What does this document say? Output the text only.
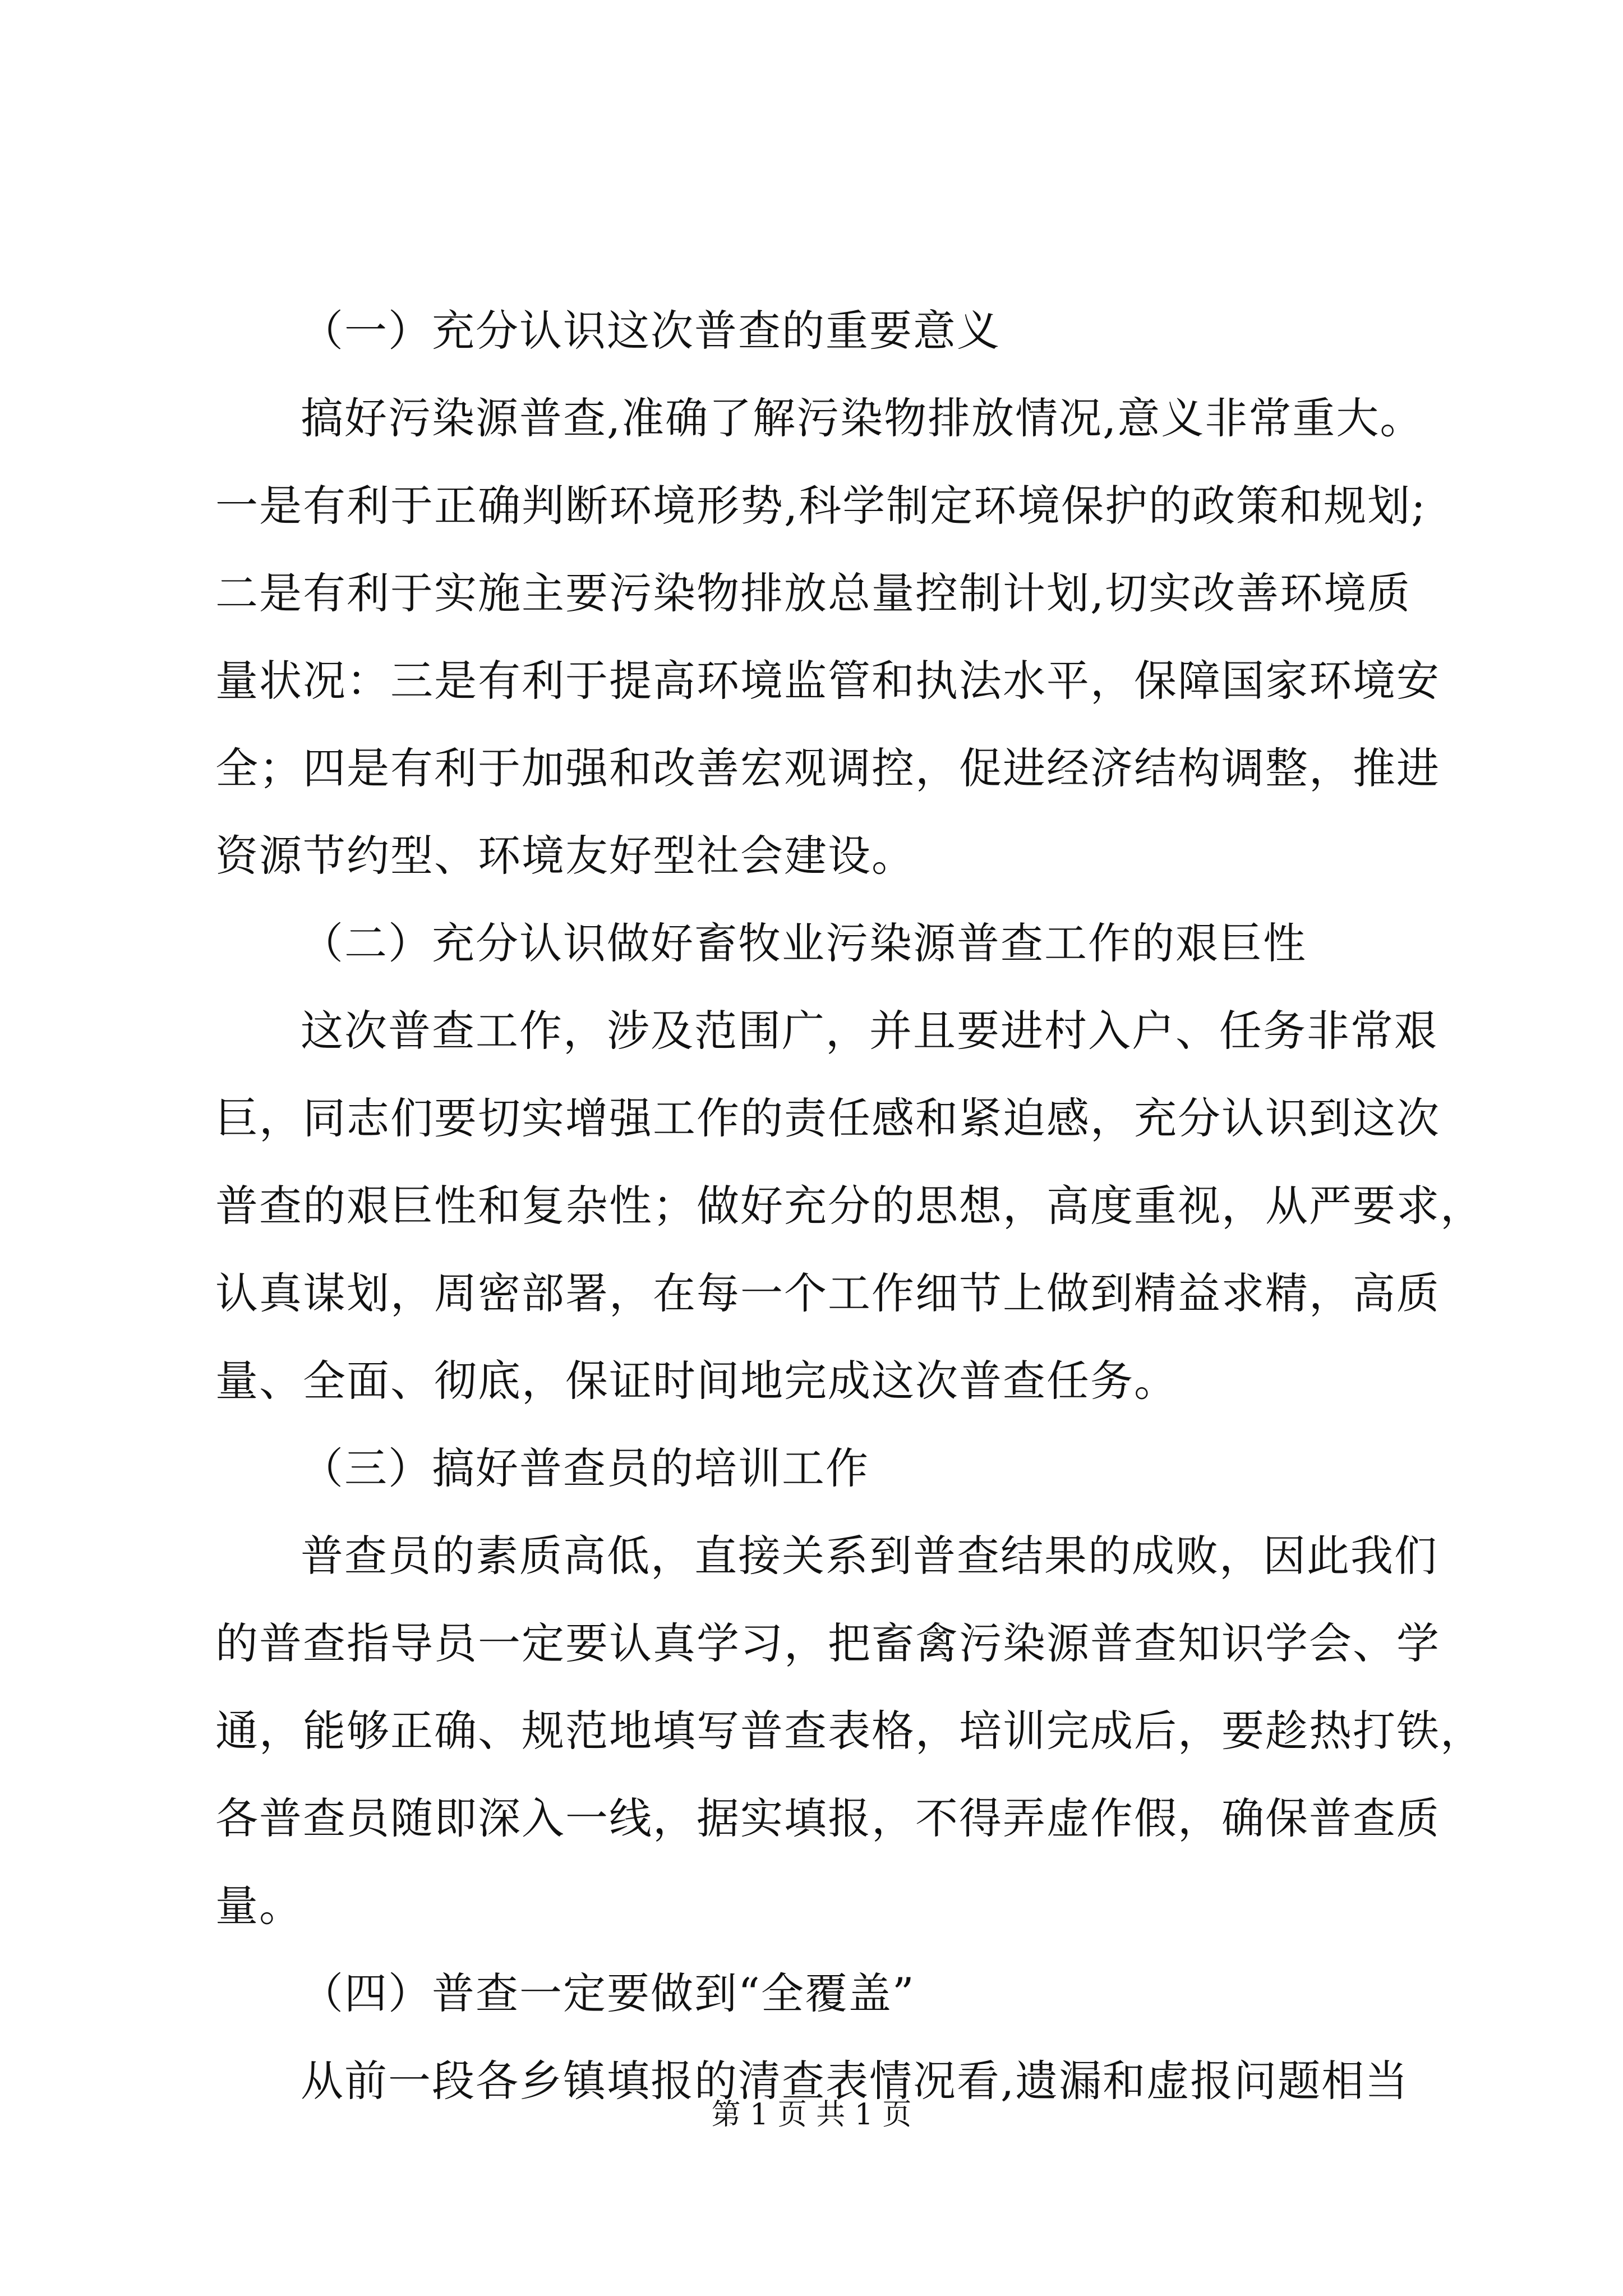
（一）充分认识这次普查的重要意义
搞好污染源普查,准确了解污染物排放情况,意义非常重大。
一是有利于正确判断环境形势,科学制定环境保护的政策和规划;
二是有利于实施主要污染物排放总量控制计划,切实改善环境质
量状况：三是有利于提高环境监管和执法水平，保障国家环境安
全；四是有利于加强和改善宏观调控，促进经济结构调整，推进
资源节约型、环境友好型社会建设。
（二）充分认识做好畜牧业污染源普查工作的艰巨性
这次普查工作，涉及范围广，并且要进村入户、任务非常艰
巨，同志们要切实增强工作的责任感和紧迫感，充分认识到这次
普查的艰巨性和复杂性；做好充分的思想，高度重视，从严要求，
认真谋划，周密部署，在每一个工作细节上做到精益求精，高质
量、全面、彻底，保证时间地完成这次普查任务。
（三）搞好普查员的培训工作
普查员的素质高低，直接关系到普查结果的成败，因此我们
的普查指导员一定要认真学习，把畜禽污染源普查知识学会、学
通，能够正确、规范地填写普查表格，培训完成后，要趁热打铁，
各普查员随即深入一线，据实填报，不得弄虚作假，确保普查质
量。
（四）普查一定要做到“全覆盖”
从前一段各乡镇填报的清查表情况看,遗漏和虚报问题相当
第 1 页 共 1 页
